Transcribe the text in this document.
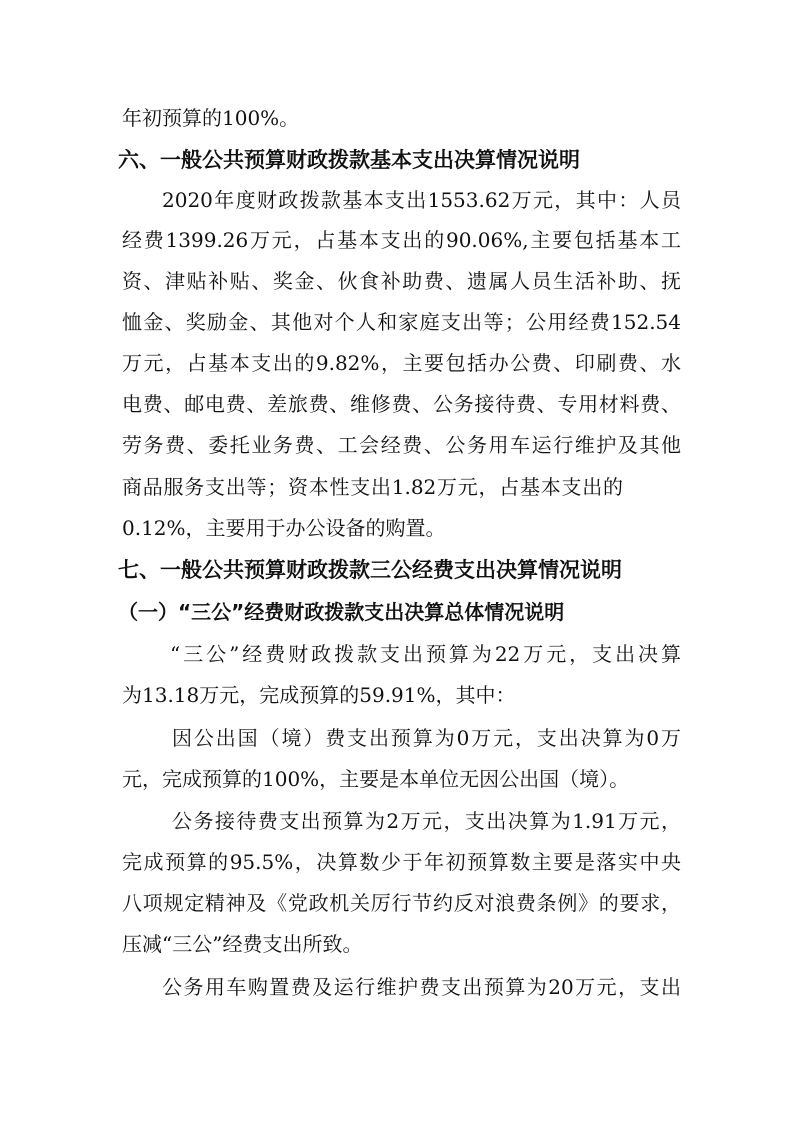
年初预算的100%。
六、一般公共预算财政拨款基本支出决算情况说明
2020年度财政拨款基本支出1553.62万元，其中：人员
经费1399.26万元，占基本支出的90.06%,主要包括基本工
资、津贴补贴、奖金、伙食补助费、遗属人员生活补助、抚
恤金、奖励金、其他对个人和家庭支出等；公用经费152.54
万元，占基本支出的9.82%，主要包括办公费、印刷费、水
电费、邮电费、差旅费、维修费、公务接待费、专用材料费、
劳务费、委托业务费、工会经费、公务用车运行维护及其他
商品服务支出等；资本性支出1.82万元，占基本支出的
0.12%，主要用于办公设备的购置。
七、一般公共预算财政拨款三公经费支出决算情况说明
（一）“三公”经费财政拨款支出决算总体情况说明
“三公”经费财政拨款支出预算为22万元，支出决算
为13.18万元，完成预算的59.91%，其中：
因公出国（境）费支出预算为0万元，支出决算为0万
元，完成预算的100%，主要是本单位无因公出国（境）。
公务接待费支出预算为2万元，支出决算为1.91万元，
完成预算的95.5%，决算数少于年初预算数主要是落实中央
八项规定精神及《党政机关厉行节约反对浪费条例》的要求，
压减“三公”经费支出所致。
公务用车购置费及运行维护费支出预算为20万元，支出
